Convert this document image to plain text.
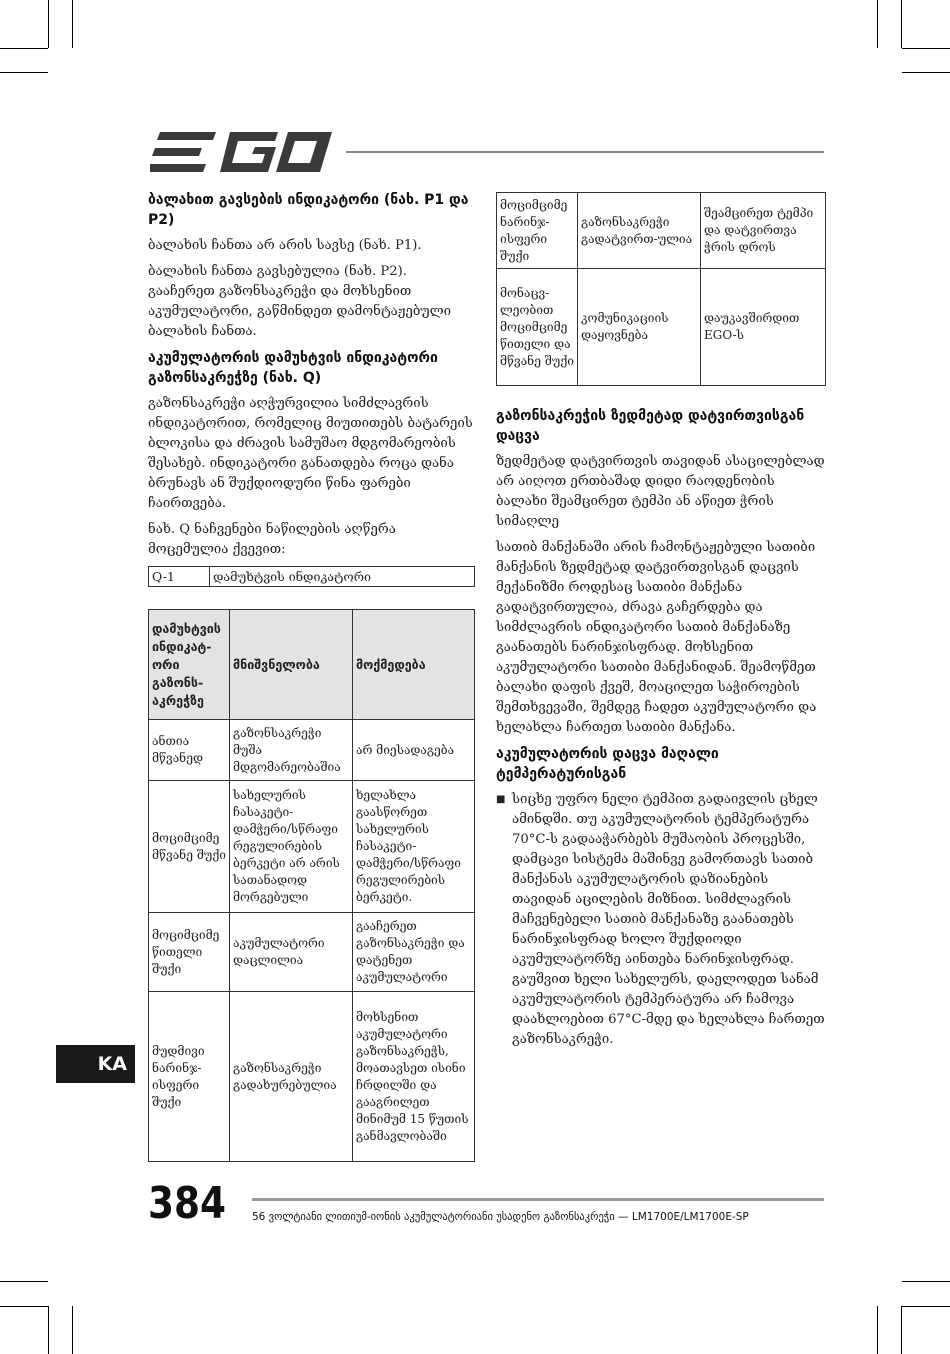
ბალახით გავსების ინდიკატორი (ნახ. P1 და P2)

ბალახის ჩანთა არ არის სავსე (ნახ. P1).

ბალახის ჩანთა გავსებულია (ნახ. P2). გააჩერეთ გაზონსაკრეჭი და მოხსენით აკუმულატორი, გაწმინდეთ დამონტაჟებული ბალახის ჩანთა.

აკუმულატორის დამუხტვის ინდიკატორი გაზონსაკრეჭზე (ნახ. Q)

გაზონსაკრეჭი აღჭურვილია სიმძლავრის ინდიკატორით, რომელიც მიუთითებს ბატარეის ბლოკისა და ძრავის სამუშაო მდგომარეობის შესახებ. ინდიკატორი განათდება როცა დანა ბრუნავს ან შუქდიოდური წინა ფარები ჩაირთვება.

ნახ. Q ნაჩვენები ნაწილების აღწერა მოცემულია ქვევით:

Q-1	დამუხტვის ინდიკატორი
დამუხტვის ინდიკატ-ორი გაზონს-აკრეჭზე	მნიშვნელობა	მოქმედება
ანთია მწვანედ	გაზონსაკრეჭი მუშა მდგომარეობაშია	არ მიესადაგება
მოციმციმე მწვანე შუქი	სახელურის ჩასაკეტი-დამჭერი/სწრაფი რეგულირების ბერკეტი არ არის სათანადოდ მორგებული	ხელახლა გაასწორეთ სახელურის ჩასაკეტი-დამჭერი/სწრაფი რეგულირების ბერკეტი.
მოციმციმე წითელი შუქი	აკუმულატორი დაცლილია	გააჩერეთ გაზონსაკრეჭი და დატენეთ აკუმულატორი
მუდმივი ნარინჯ-ისფერი შუქი	გაზონსაკრეჭი გადახურებულია	მოხსენით აკუმულატორი გაზონსაკრეჭს, მოათავსეთ ისინი ჩრდილში და გააგრილეთ მინიმუმ 15 წუთის განმავლობაში
მოციმციმე ნარინჯ-ისფერი შუქი	გაზონსაკრეჭი გადატვირთ-ულია	შეამცირეთ ტემპი და დატვირთვა ჭრის დროს
მონაცვ-ლეობით მოციმციმე წითელი და მწვანე შუქი	კომუნიკაციის დაყოვნება	დაუკავშირდით EGO-ს
გაზონსაკრეჭის ზედმეტად დატვირთვისგან დაცვა

ზედმეტად დატვირთვის თავიდან ასაცილებლად არ აიღოთ ერთბაშად დიდი რაოდენობის ბალახი შეამცირეთ ტემპი ან აწიეთ ჭრის სიმაღლე

სათიბ მანქანაში არის ჩამონტაჟებული სათიბი მანქანის ზედმეტად დატვირთვისგან დაცვის მექანიზმი როდესაც სათიბი მანქანა გადატვირთულია, ძრავა გაჩერდება და სიმძლავრის ინდიკატორი სათიბ მანქანაზე გაანათებს ნარინჯისფრად. მოხსენით აკუმულატორი სათიბი მანქანიდან. შეამოწმეთ ბალახი დაფის ქვეშ, მოაცილეთ საჭიროების შემთხვევაში, შემდეგ ჩადეთ აკუმულატორი და ხელახლა ჩართეთ სათიბი მანქანა.

აკუმულატორის დაცვა მაღალი ტემპერატურისგან
■ სიცხე უფრო ნელი ტემპით გადაივლის ცხელ ამინდში. თუ აკუმულატორის ტემპერატურა 70°C-ს გადააჭარბებს მუშაობის პროცესში, დამცავი სისტემა მაშინვე გამორთავს სათიბ მანქანას აკუმულატორის დაზიანების თავიდან აცილების მიზნით. სიმძლავრის მაჩვენებელი სათიბ მანქანაზე გაანათებს ნარინჯისფრად ხოლო შუქდიოდი აკუმულატორზე აინთება ნარინჯისფრად. გაუშვით ხელი სახელურს, დაელოდეთ სანამ აკუმულატორის ტემპერატურა არ ჩამოვა დაახლოებით 67°C-მდე და ხელახლა ჩართეთ გაზონსაკრეჭი.
KA
384 56 ვოლტიანი ლითიუმ-იონის აკუმულატორიანი უსადენო გაზონსაკრეჭი — LM1700E/LM1700E-SP
